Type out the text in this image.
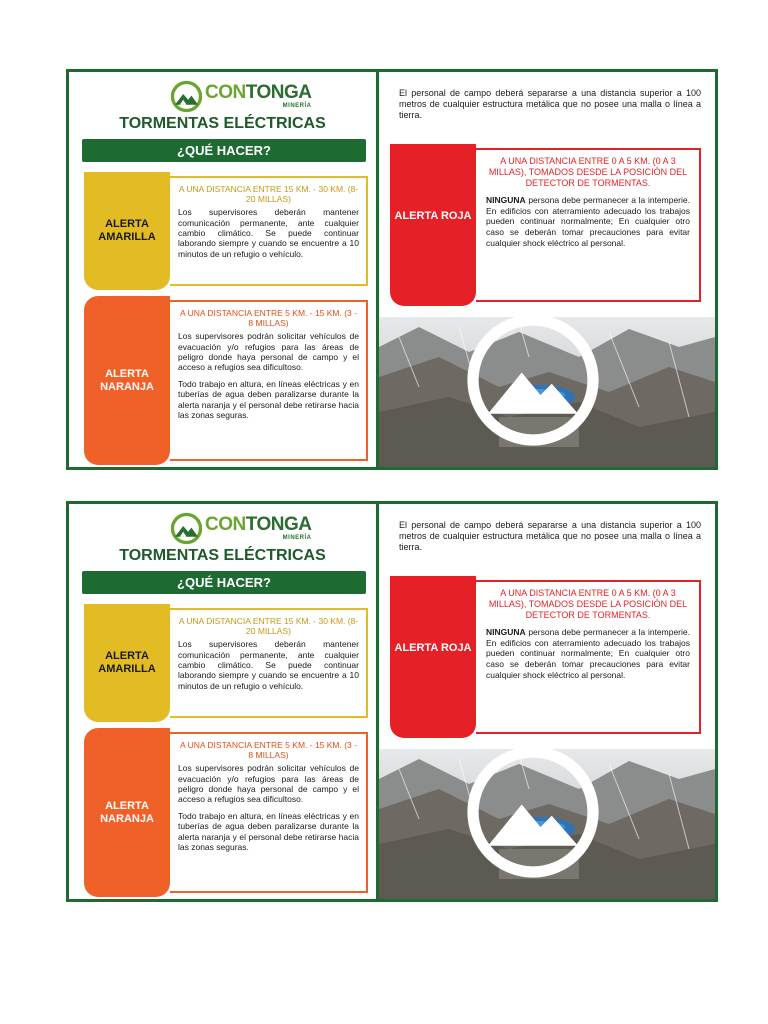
CONTONGA
MINERÍA
TORMENTAS ELÉCTRICAS
¿QUÉ HACER?
ALERTA AMARILLA
A UNA DISTANCIA ENTRE 15 KM. - 30 KM. (8-20 MILLAS)
Los supervisores deberán mantener comunicación permanente, ante cualquier cambio climático. Se puede continuar laborando siempre y cuando se encuentre a 10 minutos de un refugio o vehículo.
ALERTA NARANJA
A UNA DISTANCIA ENTRE 5 KM. - 15 KM. (3 - 8 MILLAS)
Los supervisores podrán solicitar vehículos de evacuación y/o refugios para las áreas de peligro donde haya personal de campo y el acceso a refugios sea dificultoso.
Todo trabajo en altura, en líneas eléctricas y en tuberías de agua deben paralizarse durante la alerta naranja y el personal debe retirarse hacia las zonas seguras.
El personal de campo deberá separarse a una distancia superior a 100 metros de cualquier estructura metálica que no posee una malla o línea a tierra.
ALERTA ROJA
A UNA DISTANCIA ENTRE 0 A 5 KM. (0 A 3 MILLAS), TOMADOS DESDE LA POSICIÓN DEL DETECTOR DE TORMENTAS.
NINGUNA persona debe permanecer a la intemperie. En edificios con aterramiento adecuado los trabajos pueden continuar normalmente; En cualquier otro caso se deberán tomar precauciones para evitar cualquier shock eléctrico al personal.
CONTONGA
MINERÍA
TORMENTAS ELÉCTRICAS
¿QUÉ HACER?
ALERTA AMARILLA
A UNA DISTANCIA ENTRE 15 KM. - 30 KM. (8-20 MILLAS)
Los supervisores deberán mantener comunicación permanente, ante cualquier cambio climático. Se puede continuar laborando siempre y cuando se encuentre a 10 minutos de un refugio o vehículo.
ALERTA NARANJA
A UNA DISTANCIA ENTRE 5 KM. - 15 KM. (3 - 8 MILLAS)
Los supervisores podrán solicitar vehículos de evacuación y/o refugios para las áreas de peligro donde haya personal de campo y el acceso a refugios sea dificultoso.
Todo trabajo en altura, en líneas eléctricas y en tuberías de agua deben paralizarse durante la alerta naranja y el personal debe retirarse hacia las zonas seguras.
El personal de campo deberá separarse a una distancia superior a 100 metros de cualquier estructura metálica que no posee una malla o línea a tierra.
ALERTA ROJA
A UNA DISTANCIA ENTRE 0 A 5 KM. (0 A 3 MILLAS), TOMADOS DESDE LA POSICIÓN DEL DETECTOR DE TORMENTAS.
NINGUNA persona debe permanecer a la intemperie. En edificios con aterramiento adecuado los trabajos pueden continuar normalmente; En cualquier otro caso se deberán tomar precauciones para evitar cualquier shock eléctrico al personal.
